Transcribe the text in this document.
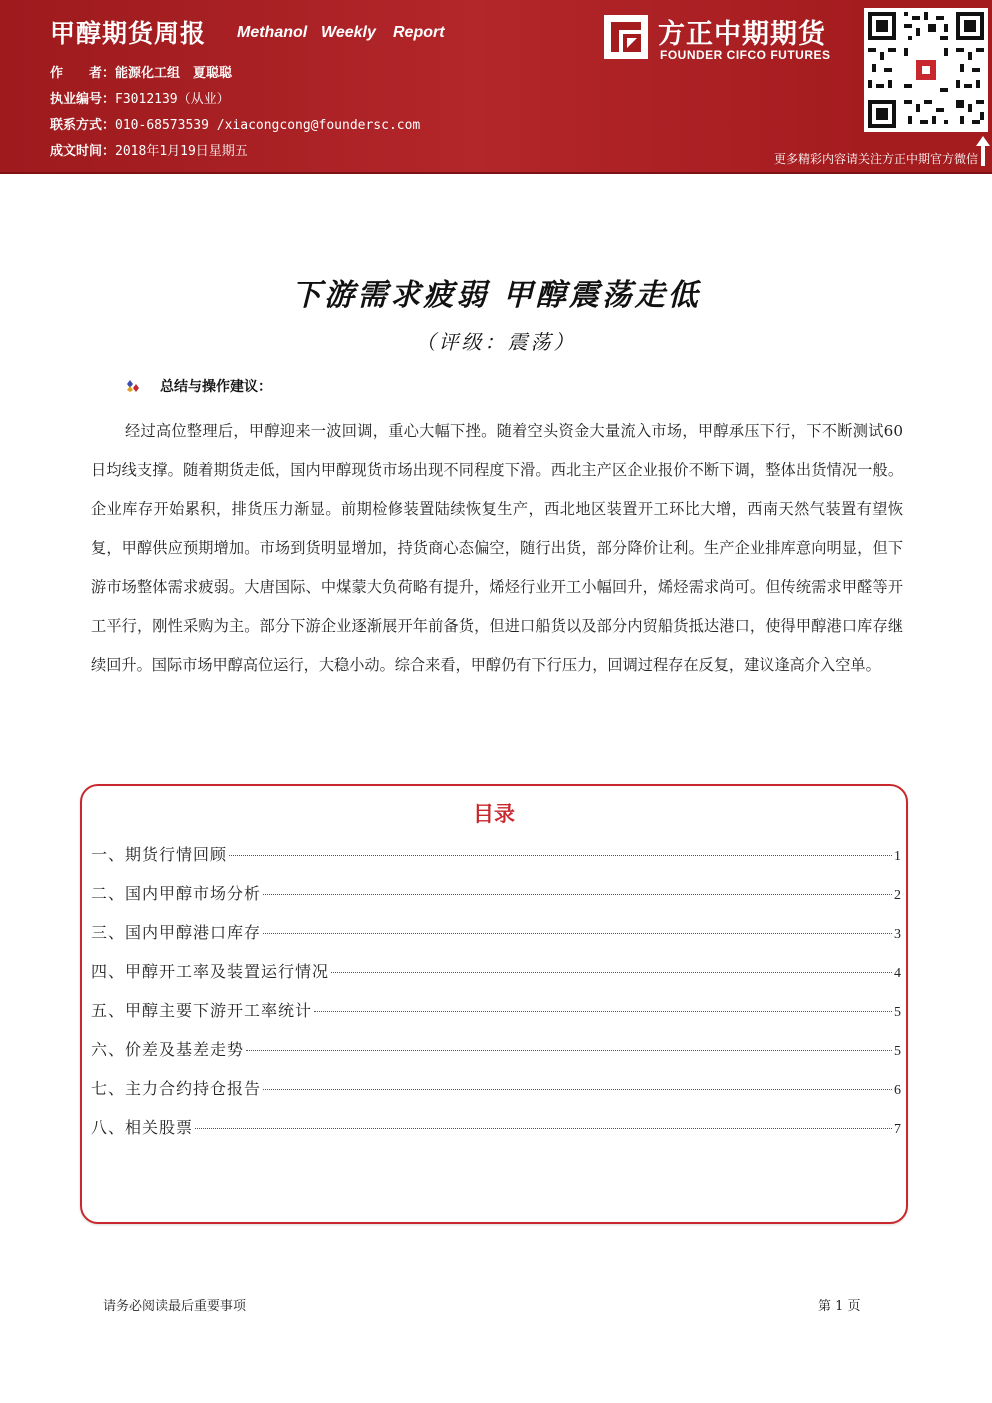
甲醇期货周报 Methanol Weekly Report
作　　者：能源化工组　夏聪聪
执业编号：F3012139（从业）
联系方式：010-68573539 /xiacongcong@foundersc.com
成文时间：2018年1月19日星期五
方正中期期货
FOUNDER CIFCO FUTURES
更多精彩内容请关注方正中期官方微信
下游需求疲弱 甲醇震荡走低
（评级：震荡）
总结与操作建议：
经过高位整理后，甲醇迎来一波回调，重心大幅下挫。随着空头资金大量流入市场，甲醇承压下行，下不断测试60日均线支撑。随着期货走低，国内甲醇现货市场出现不同程度下滑。西北主产区企业报价不断下调，整体出货情况一般。企业库存开始累积，排货压力渐显。前期检修装置陆续恢复生产，西北地区装置开工环比大增，西南天然气装置有望恢复，甲醇供应预期增加。市场到货明显增加，持货商心态偏空，随行出货，部分降价让利。生产企业排库意向明显，但下游市场整体需求疲弱。大唐国际、中煤蒙大负荷略有提升，烯烃行业开工小幅回升，烯烃需求尚可。但传统需求甲醛等开工平行，刚性采购为主。部分下游企业逐渐展开年前备货，但进口船货以及部分内贸船货抵达港口，使得甲醇港口库存继续回升。国际市场甲醇高位运行，大稳小动。综合来看，甲醇仍有下行压力，回调过程存在反复，建议逢高介入空单。
目录
一、期货行情回顾	1
二、国内甲醇市场分析	2
三、国内甲醇港口库存	3
四、甲醇开工率及装置运行情况	4
五、甲醇主要下游开工率统计	5
六、价差及基差走势	5
七、主力合约持仓报告	6
八、相关股票	7
请务必阅读最后重要事项	第 1 页
